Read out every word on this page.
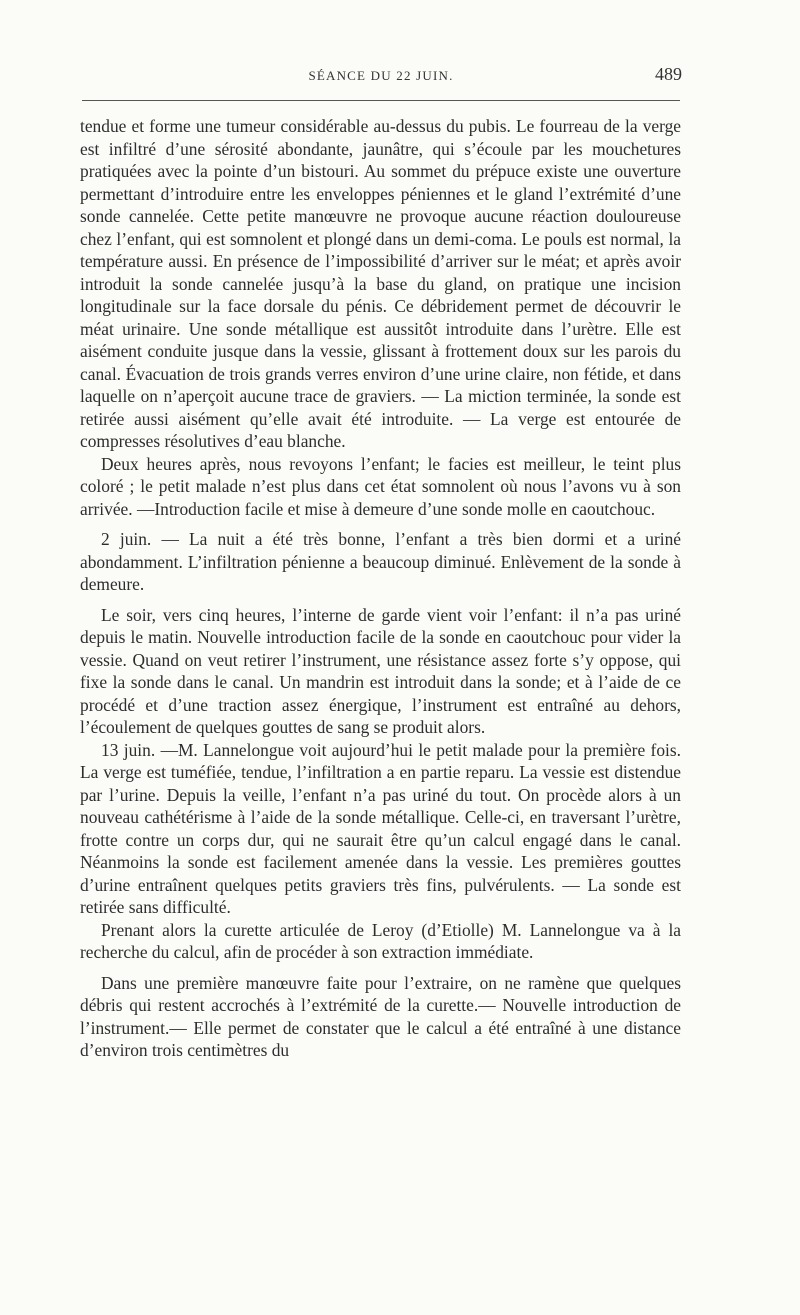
SÉANCE DU 22 JUIN.	489

tendue et forme une tumeur considérable au-dessus du pubis. Le fourreau de la verge est infiltré d’une sérosité abondante, jaunâtre, qui s’écoule par les mouchetures pratiquées avec la pointe d’un bistouri. Au sommet du prépuce existe une ouverture permettant d’introduire entre les enveloppes péniennes et le gland l’extrémité d’une sonde cannelée. Cette petite manœuvre ne provoque aucune réaction douloureuse chez l’enfant, qui est somnolent et plongé dans un demi-coma. Le pouls est normal, la température aussi. En présence de l’impossibilité d’arriver sur le méat; et après avoir introduit la sonde cannelée jusqu’à la base du gland, on pratique une incision longitudinale sur la face dorsale du pénis. Ce débridement permet de découvrir le méat urinaire. Une sonde métallique est aussitôt introduite dans l’urètre. Elle est aisément conduite jusque dans la vessie, glissant à frottement doux sur les parois du canal. Évacuation de trois grands verres environ d’une urine claire, non fétide, et dans laquelle on n’aperçoit aucune trace de graviers. — La miction terminée, la sonde est retirée aussi aisément qu’elle avait été introduite. — La verge est entourée de compresses résolutives d’eau blanche.

Deux heures après, nous revoyons l’enfant; le facies est meilleur, le teint plus coloré ; le petit malade n’est plus dans cet état somnolent où nous l’avons vu à son arrivée. —Introduction facile et mise à demeure d’une sonde molle en caoutchouc.

2 juin. — La nuit a été très bonne, l’enfant a très bien dormi et a uriné abondamment. L’infiltration pénienne a beaucoup diminué. Enlèvement de la sonde à demeure.

Le soir, vers cinq heures, l’interne de garde vient voir l’enfant: il n’a pas uriné depuis le matin. Nouvelle introduction facile de la sonde en caoutchouc pour vider la vessie. Quand on veut retirer l’instrument, une résistance assez forte s’y oppose, qui fixe la sonde dans le canal. Un mandrin est introduit dans la sonde; et à l’aide de ce procédé et d’une traction assez énergique, l’instrument est entraîné au dehors, l’écoulement de quelques gouttes de sang se produit alors.

13 juin. —M. Lannelongue voit aujourd’hui le petit malade pour la première fois. La verge est tuméfiée, tendue, l’infiltration a en partie reparu. La vessie est distendue par l’urine. Depuis la veille, l’enfant n’a pas uriné du tout. On procède alors à un nouveau cathétérisme à l’aide de la sonde métallique. Celle-ci, en traversant l’urètre, frotte contre un corps dur, qui ne saurait être qu’un calcul engagé dans le canal. Néanmoins la sonde est facilement amenée dans la vessie. Les premières gouttes d’urine entraînent quelques petits graviers très fins, pulvérulents. — La sonde est retirée sans difficulté.

Prenant alors la curette articulée de Leroy (d’Etiolle) M. Lannelongue va à la recherche du calcul, afin de procéder à son extraction immédiate.

Dans une première manœuvre faite pour l’extraire, on ne ramène que quelques débris qui restent accrochés à l’extrémité de la curette.— Nouvelle introduction de l’instrument.— Elle permet de constater que le calcul a été entraîné à une distance d’environ trois centimètres du
